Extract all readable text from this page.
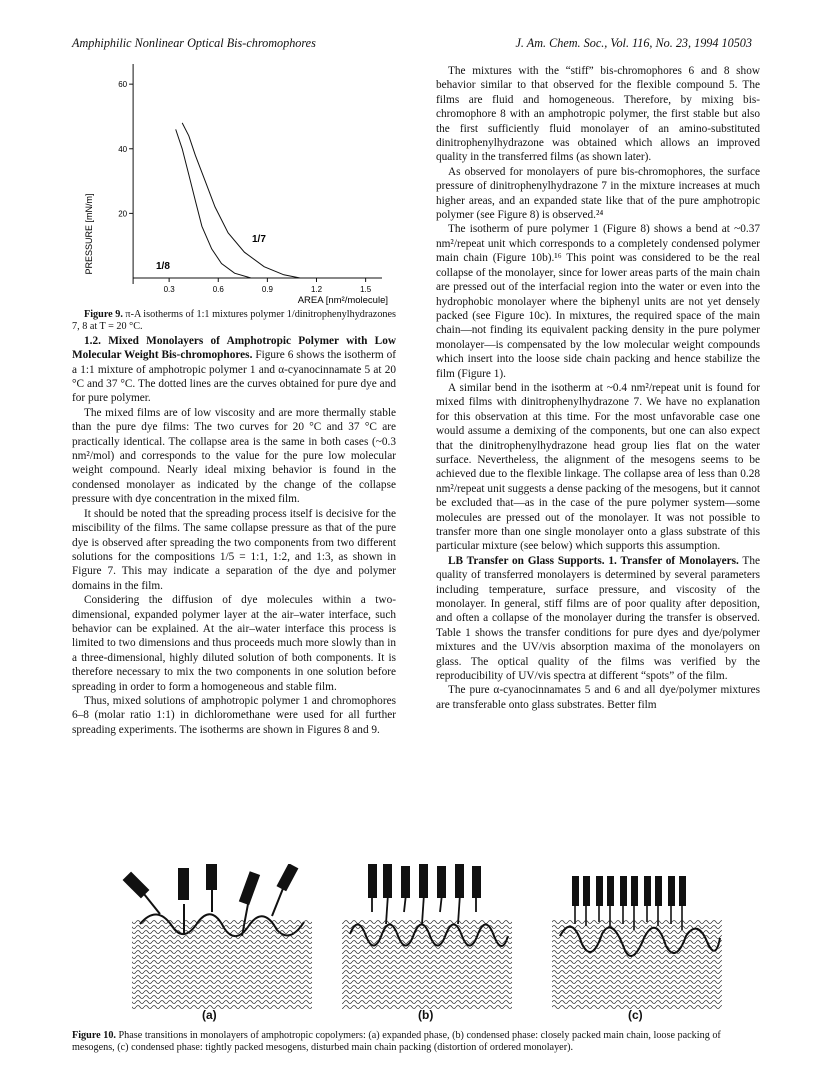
Amphiphilic Nonlinear Optical Bis-chromophores	J. Am. Chem. Soc., Vol. 116, No. 23, 1994 10503
0.3	0.6	0.9	1.2	1.5
20
40
60
PRESSURE [mN/m]
AREA [nm²/molecule]
1/7
1/8

Figure 9. π-A isotherms of 1:1 mixtures polymer 1/dinitrophenylhydrazones 7, 8 at T = 20 °C.

1.2. Mixed Monolayers of Amphotropic Polymer with Low Molecular Weight Bis-chromophores. Figure 6 shows the isotherm of a 1:1 mixture of amphotropic polymer 1 and α-cyanocinnamate 5 at 20 °C and 37 °C. The dotted lines are the curves obtained for pure dye and for pure polymer.

The mixed films are of low viscosity and are more thermally stable than the pure dye films: The two curves for 20 °C and 37 °C are practically identical. The collapse area is the same in both cases (~0.3 nm²/mol) and corresponds to the value for the pure low molecular weight compound. Nearly ideal mixing behavior is found in the condensed monolayer as indicated by the change of the collapse pressure with dye concentration in the mixed film.

It should be noted that the spreading process itself is decisive for the miscibility of the films. The same collapse pressure as that of the pure dye is observed after spreading the two components from two different solutions for the compositions 1/5 = 1:1, 1:2, and 1:3, as shown in Figure 7. This may indicate a separation of the dye and polymer domains in the film.

Considering the diffusion of dye molecules within a two-dimensional, expanded polymer layer at the air–water interface, such behavior can be explained. At the air–water interface this process is limited to two dimensions and thus proceeds much more slowly than in a three-dimensional, highly diluted solution of both components. It is therefore necessary to mix the two components in one solution before spreading in order to form a homogeneous and stable film.

Thus, mixed solutions of amphotropic polymer 1 and chromophores 6–8 (molar ratio 1:1) in dichloromethane were used for all further spreading experiments. The isotherms are shown in Figures 8 and 9.

The mixtures with the “stiff” bis-chromophores 6 and 8 show behavior similar to that observed for the flexible compound 5. The films are fluid and homogeneous. Therefore, by mixing bis-chromophore 8 with an amphotropic polymer, the first stable but also the first sufficiently fluid monolayer of an amino-substituted dinitrophenylhydrazone was obtained which allows an improved quality in the transferred films (as shown later).

As observed for monolayers of pure bis-chromophores, the surface pressure of dinitrophenylhydrazone 7 in the mixture increases at much higher areas, and an expanded state like that of the pure amphotropic polymer (see Figure 8) is observed.²⁴

The isotherm of pure polymer 1 (Figure 8) shows a bend at ~0.37 nm²/repeat unit which corresponds to a completely condensed polymer main chain (Figure 10b).¹⁶ This point was considered to be the real collapse of the monolayer, since for lower areas parts of the main chain are pressed out of the interfacial region into the water or even into the hydrophobic monolayer where the biphenyl units are not yet densely packed (see Figure 10c). In mixtures, the required space of the main chain—not finding its equivalent packing density in the pure polymer monolayer—is compensated by the low molecular weight compounds which insert into the loose side chain packing and hence stabilize the film (Figure 1).

A similar bend in the isotherm at ~0.4 nm²/repeat unit is found for mixed films with dinitrophenylhydrazone 7. We have no explanation for this observation at this time. For the most unfavorable case one would assume a demixing of the components, but one can also expect that the dinitrophenylhydrazone head group lies flat on the water surface. Nevertheless, the alignment of the mesogens seems to be achieved due to the flexible linkage. The collapse area of less than 0.28 nm²/repeat unit suggests a dense packing of the mesogens, but it cannot be excluded that—as in the case of the pure polymer system—some molecules are pressed out of the monolayer. It was not possible to transfer more than one single monolayer onto a glass substrate of this particular mixture (see below) which supports this assumption.

LB Transfer on Glass Supports. 1. Transfer of Monolayers. The quality of transferred monolayers is determined by several parameters including temperature, surface pressure, and viscosity of the monolayer. In general, stiff films are of poor quality after deposition, and often a collapse of the monolayer during the transfer is observed. Table 1 shows the transfer conditions for pure dyes and dye/polymer mixtures and the UV/vis absorption maxima of the monolayers on glass. The optical quality of the films was verified by the reproducibility of UV/vis spectra at different “spots” of the film.

The pure α-cyanocinnamates 5 and 6 and all dye/polymer mixtures are transferable onto glass substrates. Better film

(a)	(b)	(c)
Figure 10. Phase transitions in monolayers of amphotropic copolymers: (a) expanded phase, (b) condensed phase: closely packed main chain, loose packing of mesogens, (c) condensed phase: tightly packed mesogens, disturbed main chain packing (distortion of ordered monolayer).
